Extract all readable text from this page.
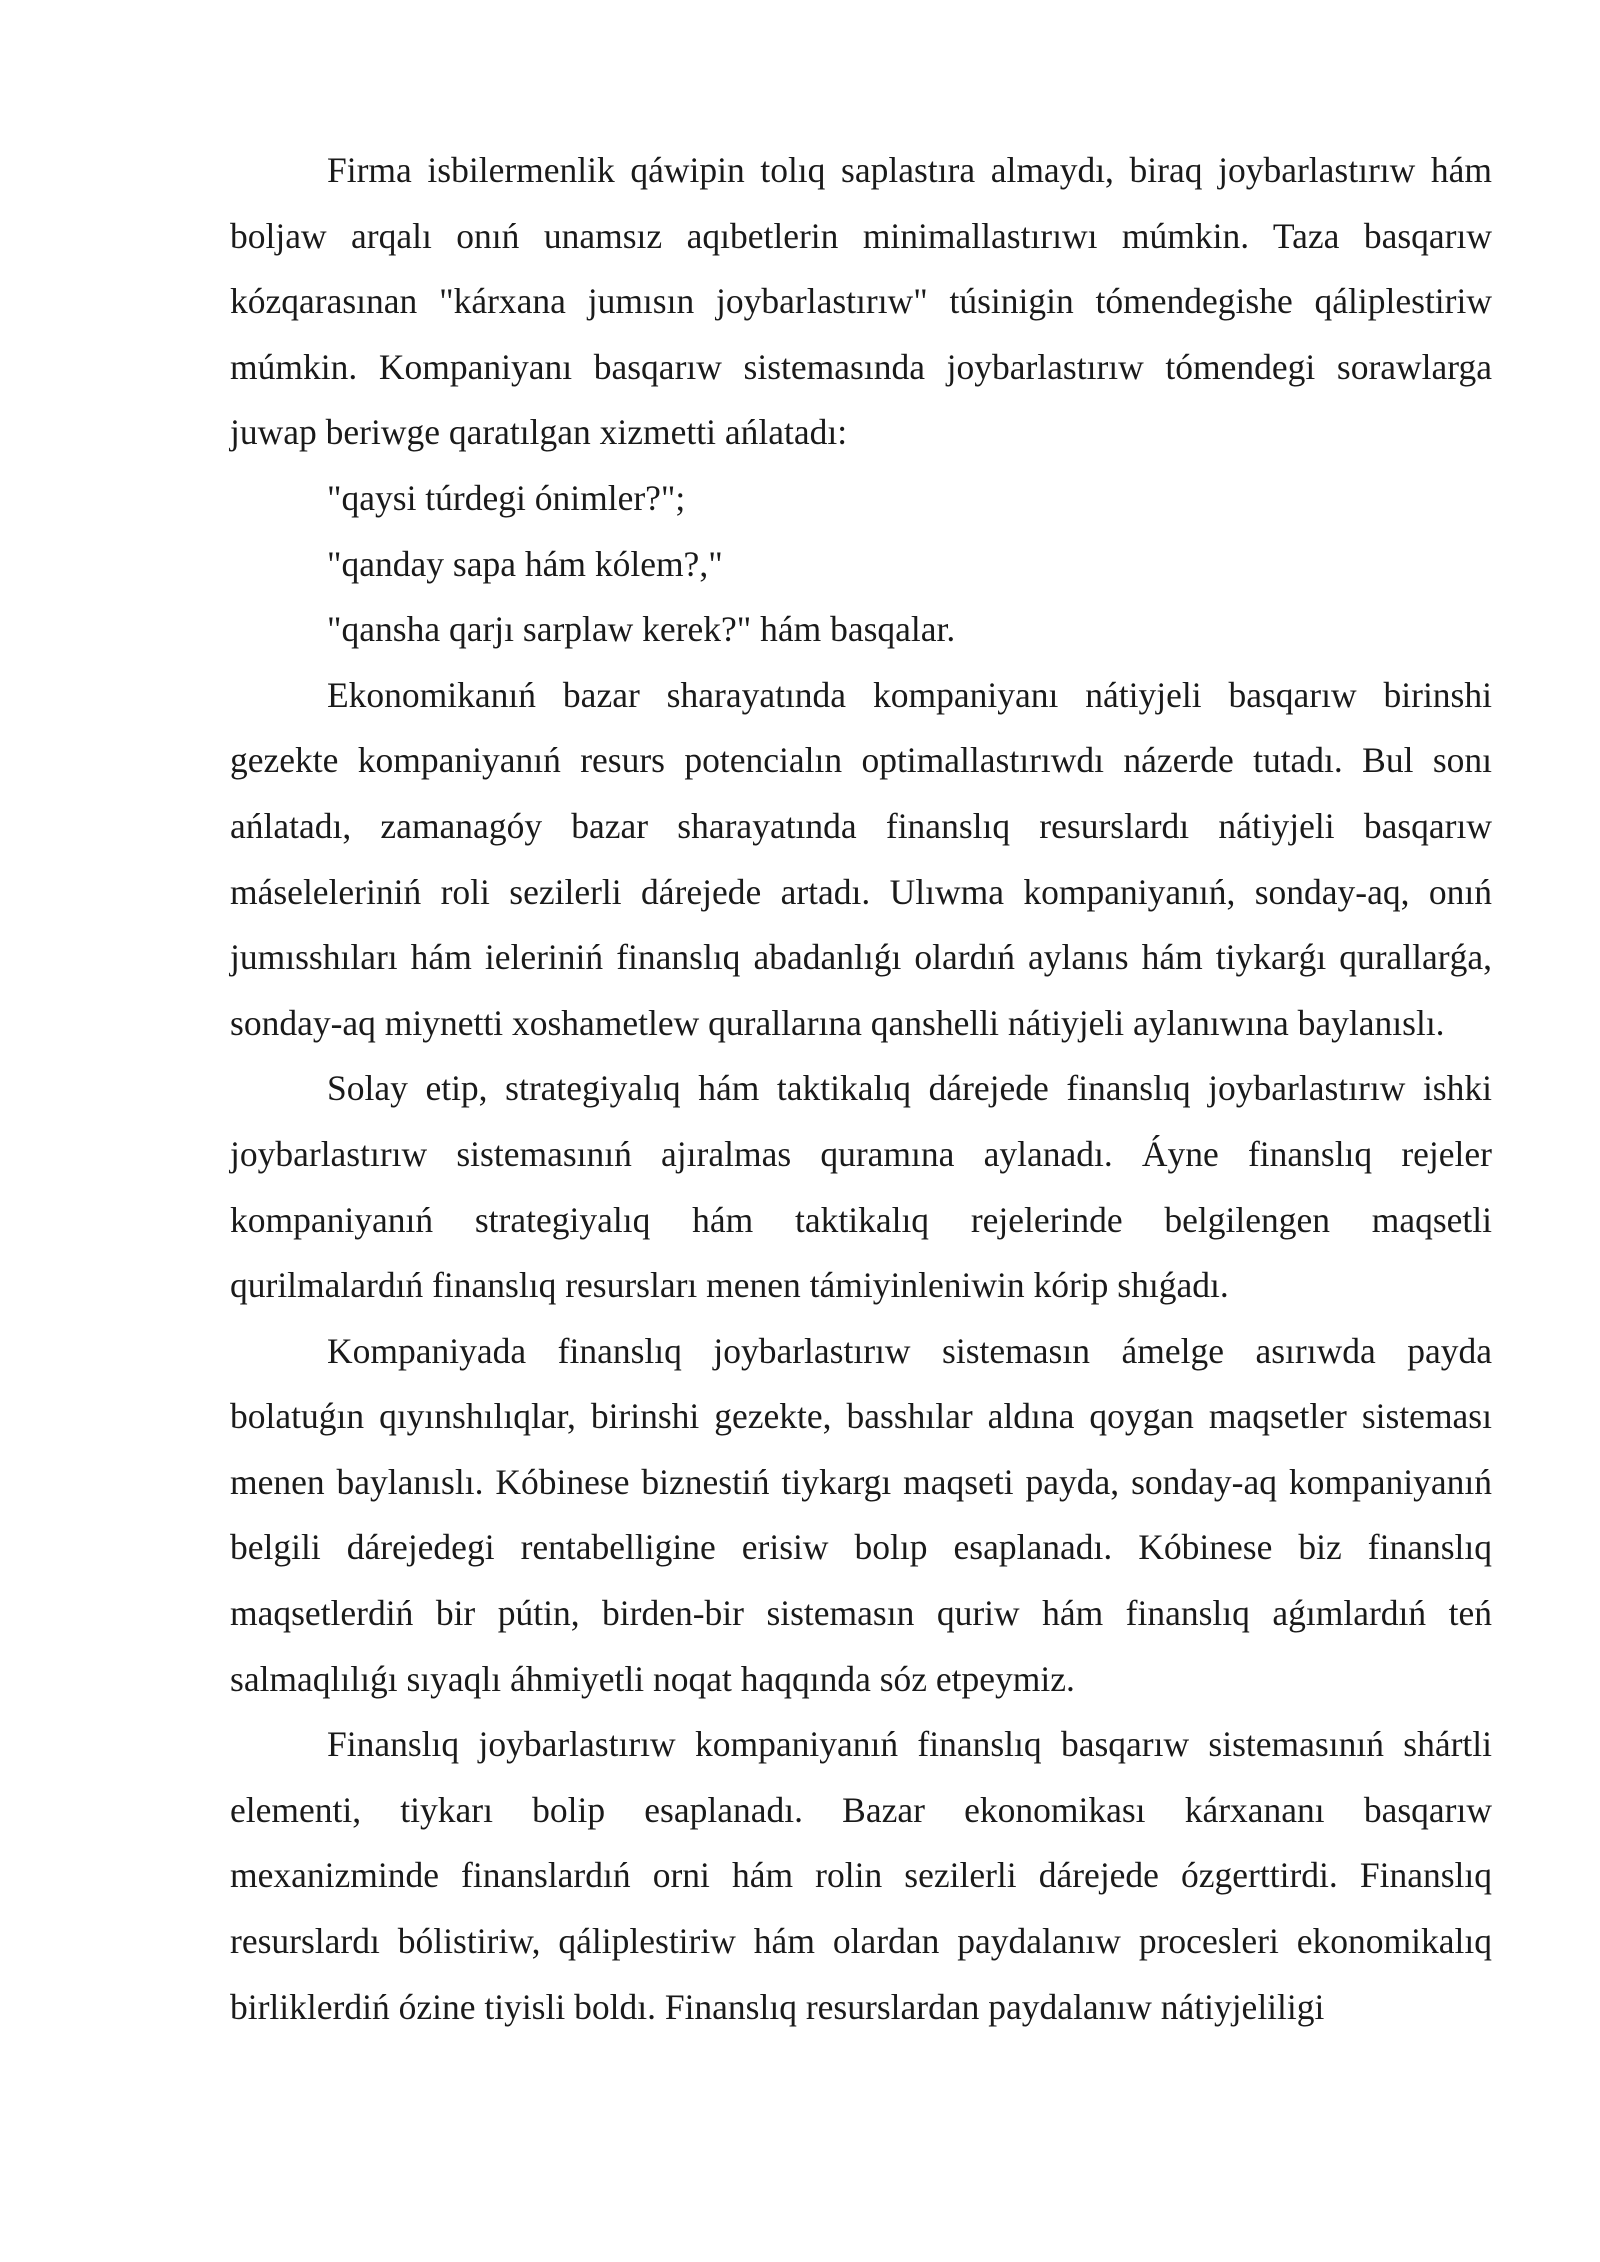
Firma isbilermenlik qáwipin tolıq saplastıra almaydı, biraq joybarlastırıw hám boljaw arqalı onıń unamsız aqıbetlerin minimallastırıwı múmkin. Taza basqarıw kózqarasınan "kárxana jumısın joybarlastırıw" túsinigin tómendegishe qáliplestiriw múmkin. Kompaniyanı basqarıw sistemasında joybarlastırıw tómendegi sorawlarga juwap beriwge qaratılgan xizmetti ańlatadı:

"qaysi túrdegi ónimler?";

"qanday sapa hám kólem?,"

"qansha qarjı sarplaw kerek?" hám basqalar.

Ekonomikanıń bazar sharayatında kompaniyanı nátiyjeli basqarıw birinshi gezekte kompaniyanıń resurs potencialın optimallastırıwdı názerde tutadı. Bul sonı ańlatadı, zamanagóy bazar sharayatında finanslıq resurslardı nátiyjeli basqarıw máseleleriniń roli sezilerli dárejede artadı. Ulıwma kompaniyanıń, sonday-aq, onıń jumısshıları hám ieleriniń finanslıq abadanlıǵı olardıń aylanıs hám tiykarǵı qurallarǵa, sonday-aq miynetti xoshametlew qurallarına qanshelli nátiyjeli aylanıwına baylanıslı.

Solay etip, strategiyalıq hám taktikalıq dárejede finanslıq joybarlastırıw ishki joybarlastırıw sistemasınıń ajıralmas quramına aylanadı. Áyne finanslıq rejeler kompaniyanıń strategiyalıq hám taktikalıq rejelerinde belgilengen maqsetli qurilmalardıń finanslıq resursları menen támiyinleniwin kórip shıǵadı.

Kompaniyada finanslıq joybarlastırıw sistemasın ámelge asırıwda payda bolatuǵın qıyınshılıqlar, birinshi gezekte, basshılar aldına qoygan maqsetler sisteması menen baylanıslı. Kóbinese biznestiń tiykargı maqseti payda, sonday-aq kompaniyanıń belgili dárejedegi rentabelligine erisiw bolıp esaplanadı. Kóbinese biz finanslıq maqsetlerdiń bir pútin, birden-bir sistemasın quriw hám finanslıq aǵımlardıń teń salmaqlılıǵı sıyaqlı áhmiyetli noqat haqqında sóz etpeymiz.

Finanslıq joybarlastırıw kompaniyanıń finanslıq basqarıw sistemasınıń shártli elementi, tiykarı bolip esaplanadı. Bazar ekonomikası kárxananı basqarıw mexanizminde finanslardıń orni hám rolin sezilerli dárejede ózgerttirdi. Finanslıq resurslardı bólistiriw, qáliplestiriw hám olardan paydalanıw procesleri ekonomikalıq birliklerdiń ózine tiyisli boldı. Finanslıq resurslardan paydalanıw nátiyjeliligi
